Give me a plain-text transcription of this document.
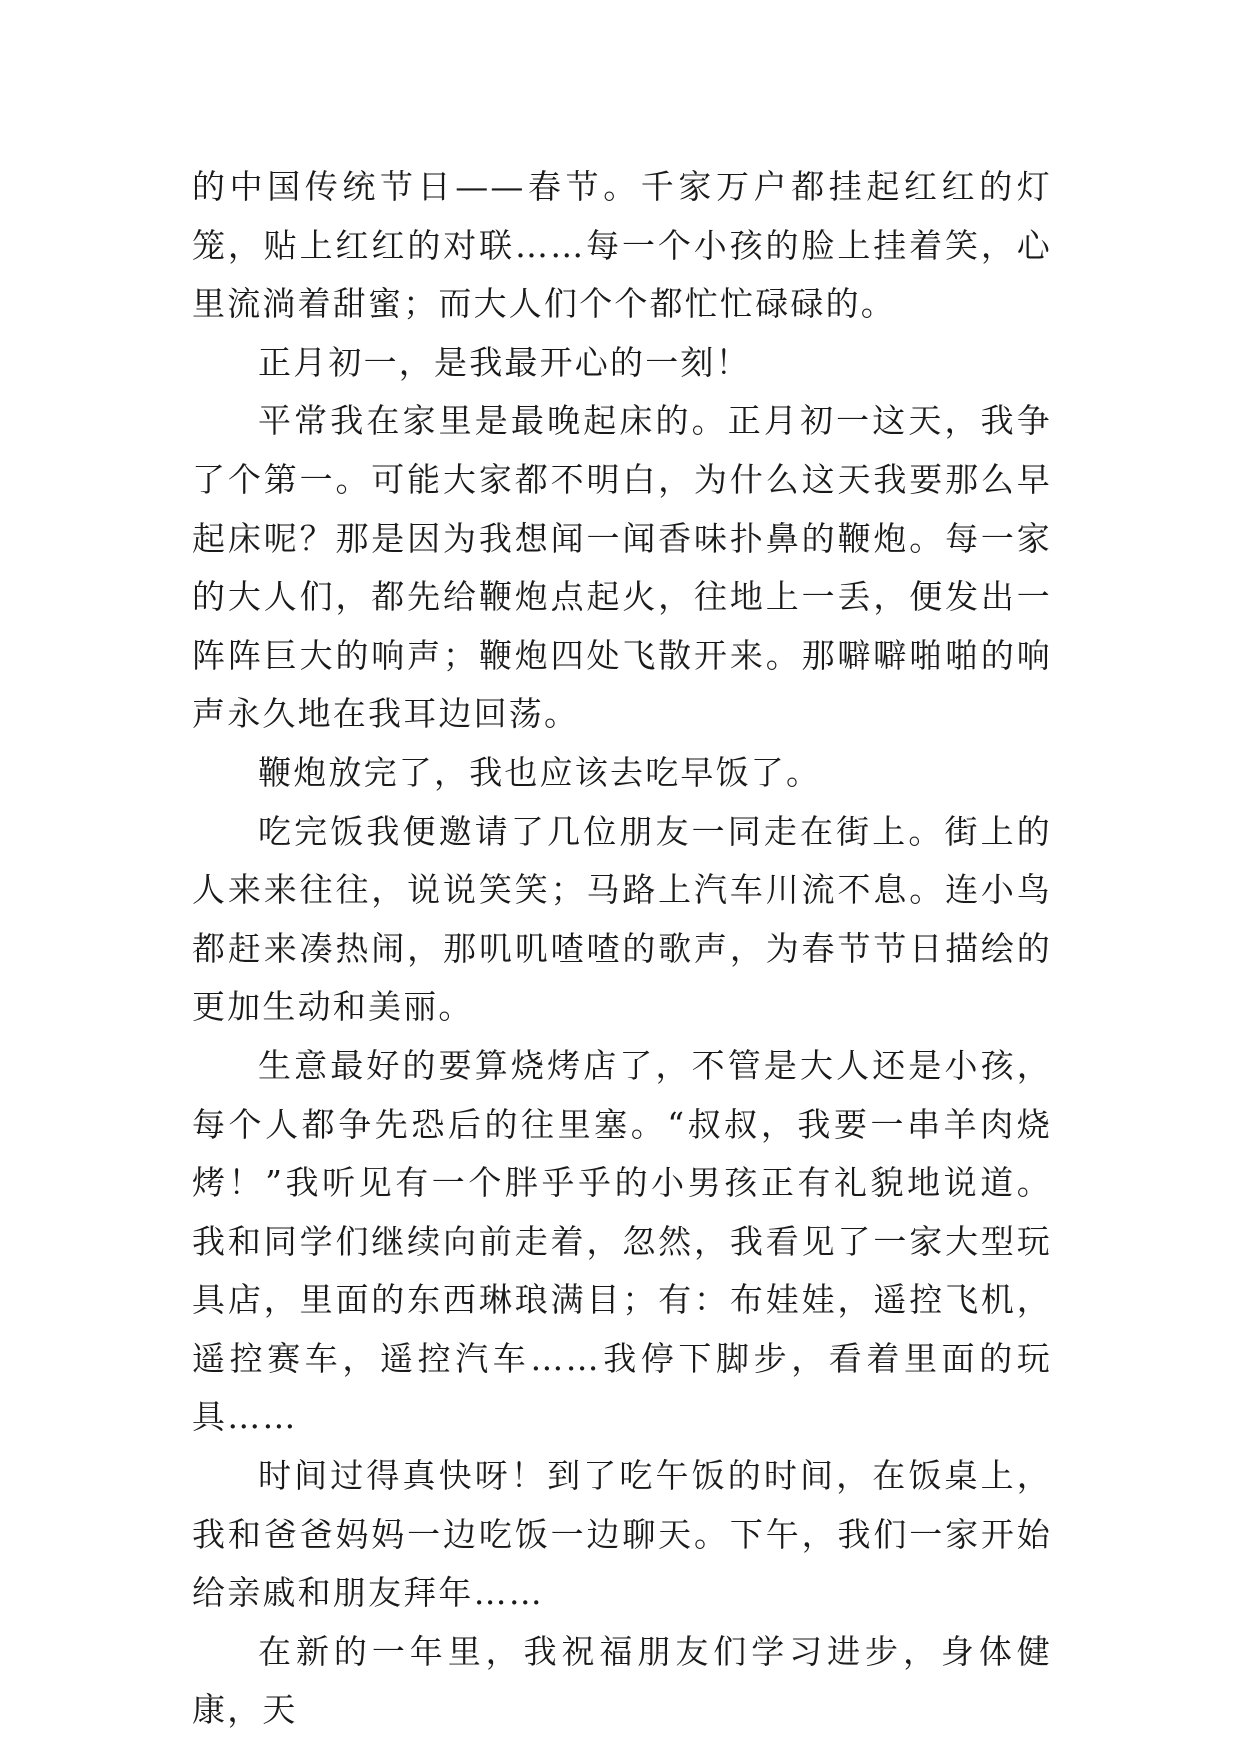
的中国传统节日——春节。千家万户都挂起红红的灯笼，贴上红红的对联……每一个小孩的脸上挂着笑，心里流淌着甜蜜；而大人们个个都忙忙碌碌的。

正月初一，是我最开心的一刻！

平常我在家里是最晚起床的。正月初一这天，我争了个第一。可能大家都不明白，为什么这天我要那么早起床呢？那是因为我想闻一闻香味扑鼻的鞭炮。每一家的大人们，都先给鞭炮点起火，往地上一丢，便发出一阵阵巨大的响声；鞭炮四处飞散开来。那噼噼啪啪的响声永久地在我耳边回荡。

鞭炮放完了，我也应该去吃早饭了。

吃完饭我便邀请了几位朋友一同走在街上。街上的人来来往往，说说笑笑；马路上汽车川流不息。连小鸟都赶来凑热闹，那叽叽喳喳的歌声，为春节节日描绘的更加生动和美丽。

生意最好的要算烧烤店了，不管是大人还是小孩，每个人都争先恐后的往里塞。“叔叔，我要一串羊肉烧烤！”我听见有一个胖乎乎的小男孩正有礼貌地说道。我和同学们继续向前走着，忽然，我看见了一家大型玩具店，里面的东西琳琅满目；有：布娃娃，遥控飞机，遥控赛车，遥控汽车……我停下脚步，看着里面的玩具……

时间过得真快呀！到了吃午饭的时间，在饭桌上，我和爸爸妈妈一边吃饭一边聊天。下午，我们一家开始给亲戚和朋友拜年……

在新的一年里，我祝福朋友们学习进步，身体健康，天
